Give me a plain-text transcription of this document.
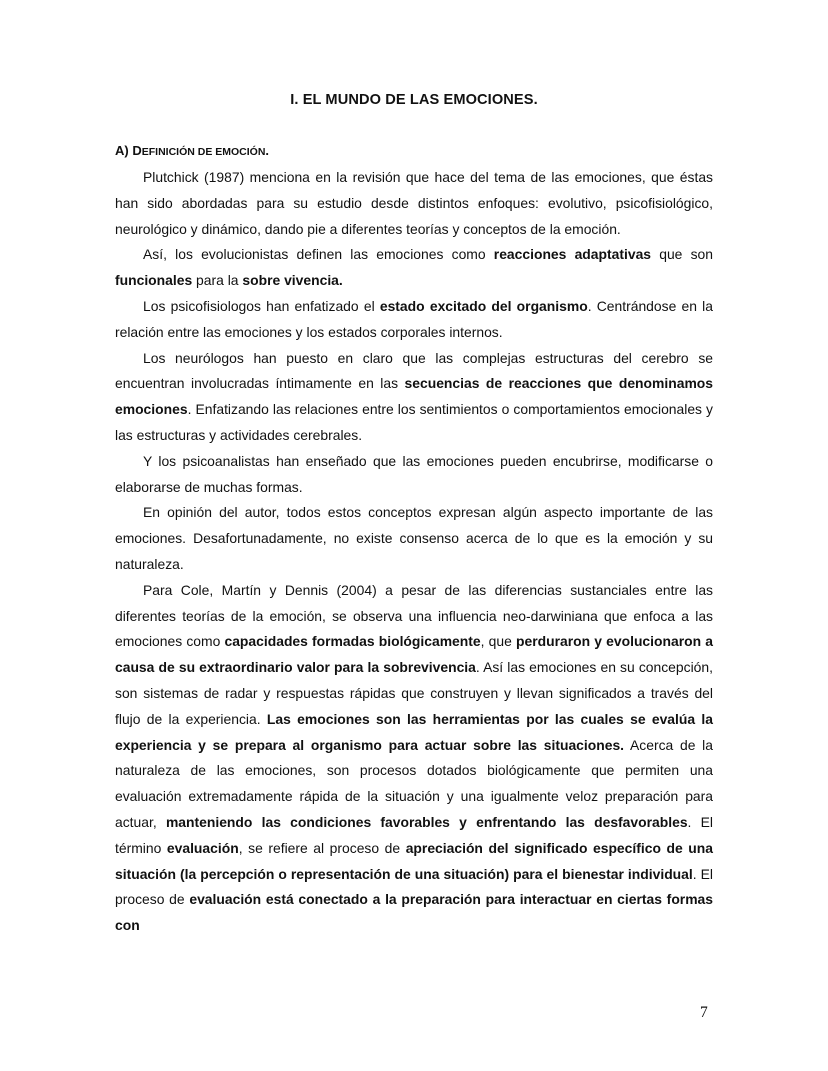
I. EL MUNDO DE LAS EMOCIONES.
A) DEFINICIÓN DE EMOCIÓN.

Plutchick (1987) menciona en la revisión que hace del tema de las emociones, que éstas han sido abordadas para su estudio desde distintos enfoques: evolutivo, psicofisiológico, neurológico y dinámico, dando pie a diferentes teorías y conceptos de la emoción.

Así, los evolucionistas definen las emociones como reacciones adaptativas que son funcionales para la sobre vivencia.

Los psicofisiologos han enfatizado el estado excitado del organismo. Centrándose en la relación entre las emociones y los estados corporales internos.

Los neurólogos han puesto en claro que las complejas estructuras del cerebro se encuentran involucradas íntimamente en las secuencias de reacciones que denominamos emociones. Enfatizando las relaciones entre los sentimientos o comportamientos emocionales y las estructuras y actividades cerebrales.

Y los psicoanalistas han enseñado que las emociones pueden encubrirse, modificarse o elaborarse de muchas formas.

En opinión del autor, todos estos conceptos expresan algún aspecto importante de las emociones. Desafortunadamente, no existe consenso acerca de lo que es la emoción y su naturaleza.

Para Cole, Martín y Dennis (2004) a pesar de las diferencias sustanciales entre las diferentes teorías de la emoción, se observa una influencia neo-darwiniana que enfoca a las emociones como capacidades formadas biológicamente, que perduraron y evolucionaron a causa de su extraordinario valor para la sobrevivencia. Así las emociones en su concepción, son sistemas de radar y respuestas rápidas que construyen y llevan significados a través del flujo de la experiencia. Las emociones son las herramientas por las cuales se evalúa la experiencia y se prepara al organismo para actuar sobre las situaciones. Acerca de la naturaleza de las emociones, son procesos dotados biológicamente que permiten una evaluación extremadamente rápida de la situación y una igualmente veloz preparación para actuar, manteniendo las condiciones favorables y enfrentando las desfavorables. El término evaluación, se refiere al proceso de apreciación del significado específico de una situación (la percepción o representación de una situación) para el bienestar individual. El proceso de evaluación está conectado a la preparación para interactuar en ciertas formas con

7
